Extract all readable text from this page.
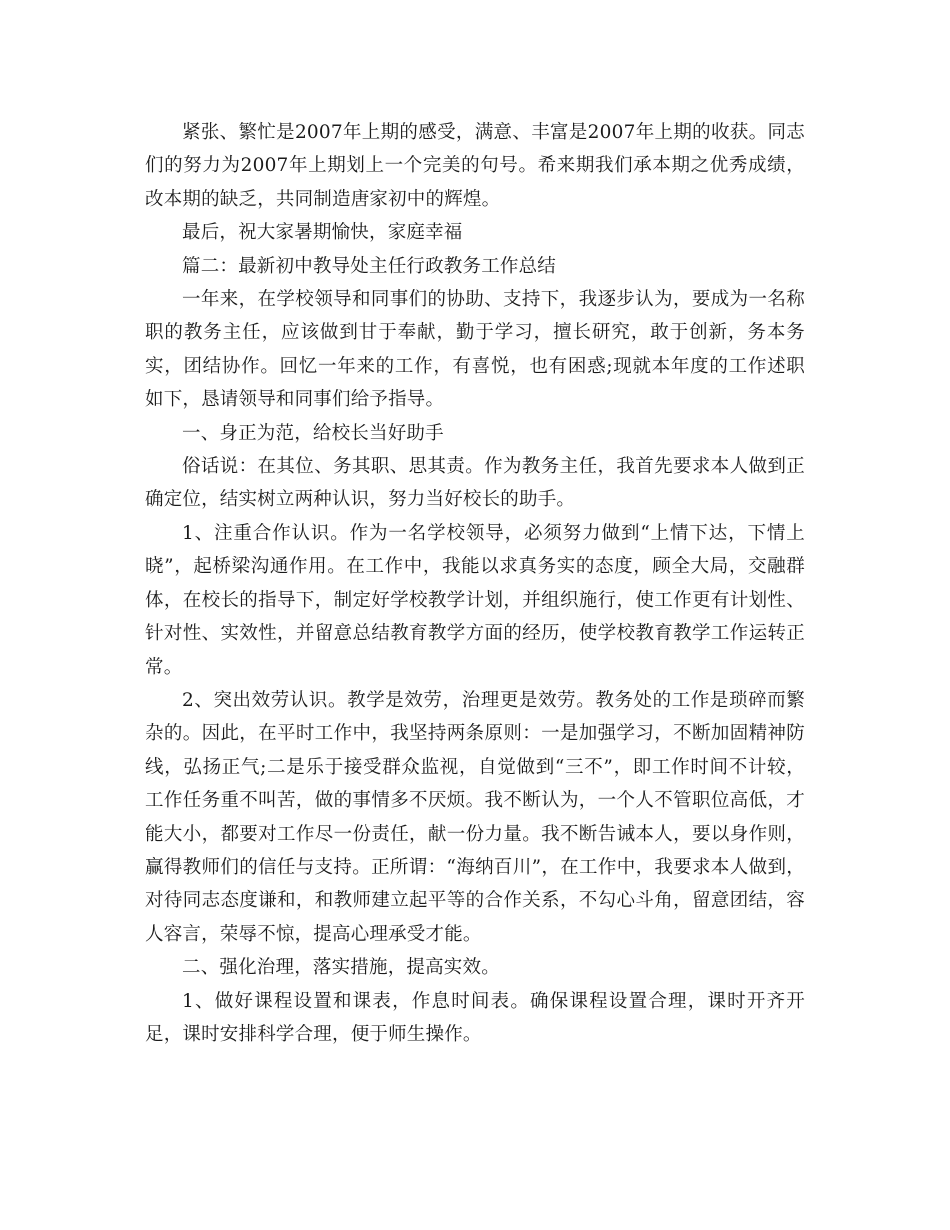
紧张、繁忙是2007年上期的感受，满意、丰富是2007年上期的收获。同志们的努力为2007年上期划上一个完美的句号。希来期我们承本期之优秀成绩，改本期的缺乏，共同制造唐家初中的辉煌。

最后，祝大家暑期愉快，家庭幸福

篇二：最新初中教导处主任行政教务工作总结

一年来，在学校领导和同事们的协助、支持下，我逐步认为，要成为一名称职的教务主任，应该做到甘于奉献，勤于学习，擅长研究，敢于创新，务本务实，团结协作。回忆一年来的工作，有喜悦，也有困惑;现就本年度的工作述职如下，恳请领导和同事们给予指导。

一、身正为范，给校长当好助手

俗话说：在其位、务其职、思其责。作为教务主任，我首先要求本人做到正确定位，结实树立两种认识，努力当好校长的助手。

1、注重合作认识。作为一名学校领导，必须努力做到“上情下达，下情上晓”，起桥梁沟通作用。在工作中，我能以求真务实的态度，顾全大局，交融群体，在校长的指导下，制定好学校教学计划，并组织施行，使工作更有计划性、针对性、实效性，并留意总结教育教学方面的经历，使学校教育教学工作运转正常。

2、突出效劳认识。教学是效劳，治理更是效劳。教务处的工作是琐碎而繁杂的。因此，在平时工作中，我坚持两条原则：一是加强学习，不断加固精神防线，弘扬正气;二是乐于接受群众监视，自觉做到“三不”，即工作时间不计较，工作任务重不叫苦，做的事情多不厌烦。我不断认为，一个人不管职位高低，才能大小，都要对工作尽一份责任，献一份力量。我不断告诫本人，要以身作则，赢得教师们的信任与支持。正所谓：“海纳百川”，在工作中，我要求本人做到，对待同志态度谦和，和教师建立起平等的合作关系，不勾心斗角，留意团结，容人容言，荣辱不惊，提高心理承受才能。

二、强化治理，落实措施，提高实效。

1、做好课程设置和课表，作息时间表。确保课程设置合理，课时开齐开足，课时安排科学合理，便于师生操作。
